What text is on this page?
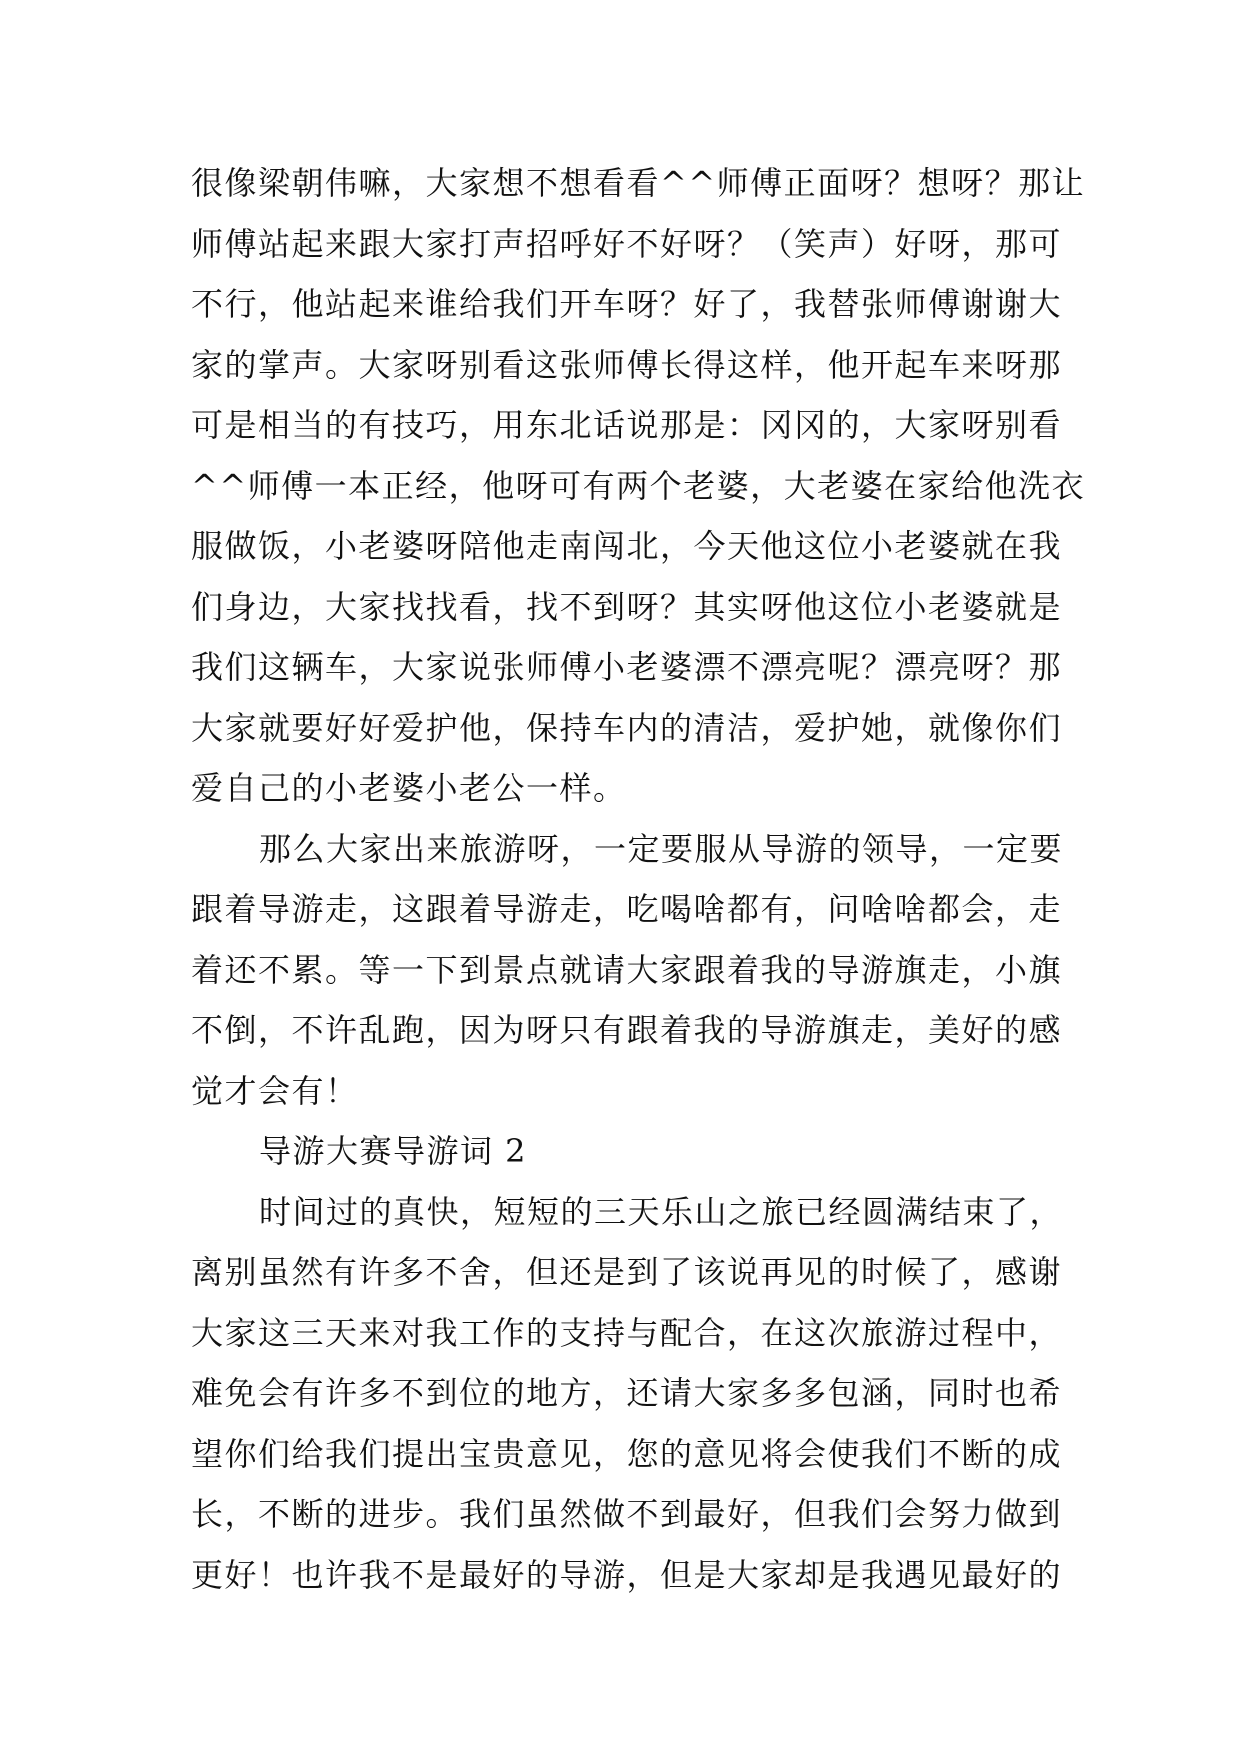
很像梁朝伟嘛，大家想不想看看^^师傅正面呀？想呀？那让
师傅站起来跟大家打声招呼好不好呀？（笑声）好呀，那可
不行，他站起来谁给我们开车呀？好了，我替张师傅谢谢大
家的掌声。大家呀别看这张师傅长得这样，他开起车来呀那
可是相当的有技巧，用东北话说那是：冈冈的，大家呀别看
^^师傅一本正经，他呀可有两个老婆，大老婆在家给他洗衣
服做饭，小老婆呀陪他走南闯北，今天他这位小老婆就在我
们身边，大家找找看，找不到呀？其实呀他这位小老婆就是
我们这辆车，大家说张师傅小老婆漂不漂亮呢？漂亮呀？那
大家就要好好爱护他，保持车内的清洁，爱护她，就像你们
爱自己的小老婆小老公一样。
那么大家出来旅游呀，一定要服从导游的领导，一定要
跟着导游走，这跟着导游走，吃喝啥都有，问啥啥都会，走
着还不累。等一下到景点就请大家跟着我的导游旗走，小旗
不倒，不许乱跑，因为呀只有跟着我的导游旗走，美好的感
觉才会有！
导游大赛导游词 2
时间过的真快，短短的三天乐山之旅已经圆满结束了，
离别虽然有许多不舍，但还是到了该说再见的时候了，感谢
大家这三天来对我工作的支持与配合，在这次旅游过程中，
难免会有许多不到位的地方，还请大家多多包涵，同时也希
望你们给我们提出宝贵意见，您的意见将会使我们不断的成
长，不断的进步。我们虽然做不到最好，但我们会努力做到
更好！也许我不是最好的导游，但是大家却是我遇见最好的
